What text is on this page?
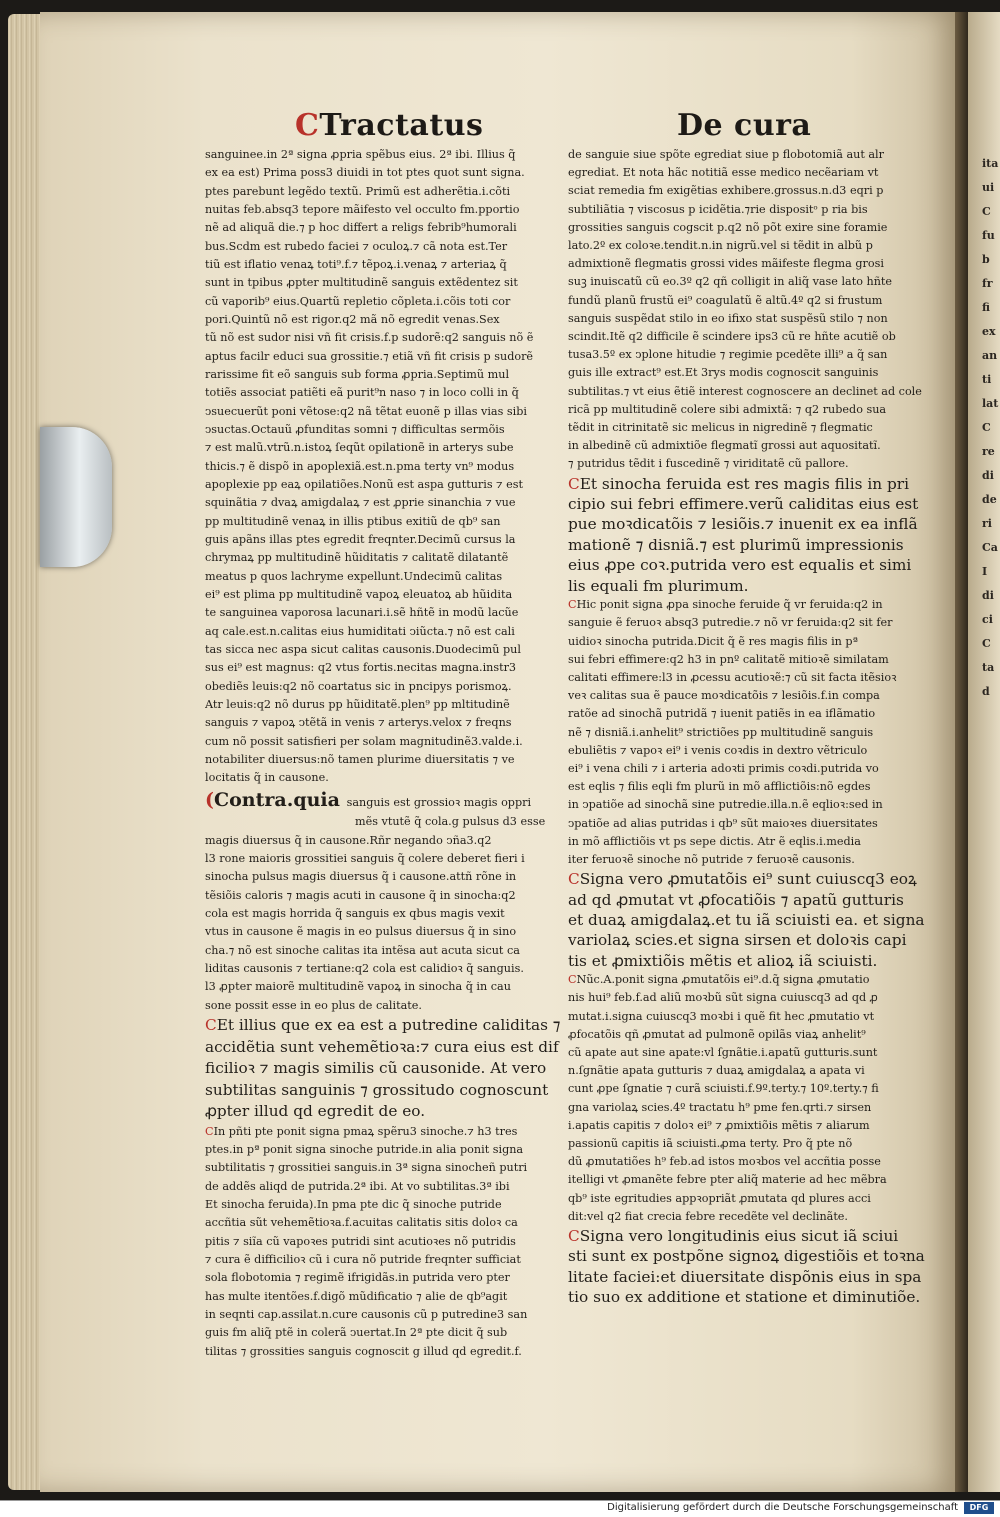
CTractatus	De cura

sanguinee.in 2ª signa ꝓpria spẽbus eius. 2ª ibi. Illius q̃

ex ea est) Prima poss3 diuidi in tot ptes quot sunt signa.

ptes parebunt legẽdo textũ. Primũ est adherẽtia.i.cõti

nuitas feb.absq3 tepore mãifesto vel occulto fm.pportio

nẽ ad aliquã die.⁊ p hoc differt a religs febrib⁹humorali

bus.Scdm est rubedo faciei ⁊ oculoꝝ.⁊ cã nota est.Ter

tiũ est iflatio venaꝝ toti⁹.f.⁊ tẽpoꝝ.i.venaꝝ ⁊ arteriaꝝ q̃

sunt in tpibus ꝓpter multitudinẽ sanguis extẽdentez sit

cũ vaporib⁹ eius.Quartũ repletio cõpleta.i.cõis toti cor

pori.Quintũ nõ est rigor.q2 mã nõ egredit venas.Sex

tũ nõ est sudor nisi vñ fit crisis.f.p sudorẽ:q2 sanguis nõ ẽ

aptus facilr educi sua grossitie.⁊ etiã vñ fit crisis p sudorẽ

rarissime fit eõ sanguis sub forma ꝓpria.Septimũ mul

totiẽs associat patiẽti eã purit⁹n naso ⁊ in loco colli in q̃

ↄsuecuerũt poni vẽtose:q2 nã tẽtat euonẽ p illas vias sibi

ↄsuctas.Octauũ ꝓfunditas somni ⁊ difficultas sermõis

⁊ est malũ.vtrũ.n.istoꝝ ſeqũt opilationẽ in arterys sube

thicis.⁊ ẽ dispõ in apoplexiã.est.n.pma terty vn⁹ modus

apoplexie pp eaꝝ opilatiões.Nonũ est aspa gutturis ⁊ est

squinãtia ⁊ dvaꝝ amigdalaꝝ ⁊ est ꝓprie sinanchia ⁊ vue

pp multitudinẽ venaꝝ in illis ptibus exitiũ de qb⁹ san

guis apãns illas ptes egredit freqnter.Decimũ cursus la

chrymaꝝ pp multitudinẽ hũiditatis ⁊ calitatẽ dilatantẽ

meatus p quos lachryme expellunt.Undecimũ calitas

ei⁹ est plima pp multitudinẽ vapoꝝ eleuatoꝝ ab hũidita

te sanguinea vaporosa lacunari.i.sẽ hñtẽ in modũ lacũe

aq cale.est.n.calitas eius humiditati ↄiũcta.⁊ nõ est cali

tas sicca nec aspa sicut calitas causonis.Duodecimũ pul

sus ei⁹ est magnus: q2 vtus fortis.necitas magna.instr3

obediẽs leuis:q2 nõ coartatus sic in pncipys porismoꝝ.

Atr leuis:q2 nõ durus pp hũiditatẽ.plen⁹ pp mltitudinẽ

sanguis ⁊ vapoꝝ ↄtẽtã in venis ⁊ arterys.velox ⁊ freqns

cum nõ possit satisfieri per solam magnitudinẽ3.valde.i.

notabiliter diuersus:nõ tamen plurime diuersitatis ⁊ ve

locitatis q̃ in causone.

(Contra.quia sanguis est grossioꝛ magis oppri

mẽs vtutẽ q̃ cola.g pulsus d3 esse

magis diuersus q̃ in causone.Rñr negando ↄña3.q2

l3 rone maioris grossitiei sanguis q̃ colere deberet fieri i

sinocha pulsus magis diuersus q̃ i causone.attñ rõne in

tẽsiõis caloris ⁊ magis acuti in causone q̃ in sinocha:q2

cola est magis horrida q̃ sanguis ex qbus magis vexit

vtus in causone ẽ magis in eo pulsus diuersus q̃ in sino

cha.⁊ nõ est sinoche calitas ita intẽsa aut acuta sicut ca

liditas causonis ⁊ tertiane:q2 cola est calidioꝛ q̃ sanguis.

l3 ꝓpter maiorẽ multitudinẽ vapoꝝ in sinocha q̃ in cau

sone possit esse in eo plus de calitate.

CEt illius que ex ea est a putredine caliditas ⁊

accidẽtia sunt vehemẽtioꝛa:⁊ cura eius est dif

ficilioꝛ ⁊ magis similis cũ causonide. At vero

subtilitas sanguinis ⁊ grossitudo cognoscunt

ꝓpter illud qd egredit de eo.

CIn pñti pte ponit signa pmaꝝ spẽru3 sinoche.⁊ h3 tres

ptes.in pª ponit signa sinoche putride.in alia ponit signa

subtilitatis ⁊ grossitiei sanguis.in 3ª signa sinocheñ putri

de addẽs aliqd de putrida.2ª ibi. At vo subtilitas.3ª ibi

Et sinocha feruida).In pma pte dic q̃ sinoche putride

accñtia sũt vehemẽtioꝛa.f.acuitas calitatis sitis doloꝛ ca

pitis ⁊ siĩa cũ vapoꝛes putridi sint acutioꝛes nõ putridis

⁊ cura ẽ difficilioꝛ cũ i cura nõ putride freqnter sufficiat

sola flobotomia ⁊ regimẽ ifrigidãs.in putrida vero pter

has multe itentões.f.digõ mũdificatio ⁊ alie de qb⁹agit

in seqnti cap.assilat.n.cure causonis cũ p putredine3 san

guis fm aliq̃ ptẽ in colerã ↄuertat.In 2ª pte dicit q̃ sub

tilitas ⁊ grossities sanguis cognoscit g illud qd egredit.f.

de sanguie siue spõte egrediat siue p flobotomiã aut alr

egrediat. Et nota hãc notitiã esse medico necẽariam vt

sciat remedia fm exigẽtias exhibere.grossus.n.d3 eqri p

subtiliãtia ⁊ viscosus p icidẽtia.⁊rie dispositᵒ p ria bis

grossities sanguis cogscit p.q2 nõ põt exire sine foramie

lato.2º ex coloꝛe.tendit.n.in nigrũ.vel si tẽdit in albũ p

admixtionẽ flegmatis grossi vides mãifeste flegma grosi

suꝫ inuiscatũ cũ eo.3º q2 qñ colligit in aliq̃ vase lato hñte

fundũ planũ frustũ ei⁹ coagulatũ ẽ altũ.4º q2 si frustum

sanguis suspẽdat stilo in eo ifixo stat suspẽsũ stilo ⁊ non

scindit.Itẽ q2 difficile ẽ scindere ips3 cũ re hñte acutiẽ ob

tusa3.5º ex ↄplone hitudie ⁊ regimie pcedẽte illi⁹ a q̃ san

guis ille extract⁹ est.Et 3rys modis cognoscit sanguinis

subtilitas.⁊ vt eius ẽtiẽ interest cognoscere an declinet ad cole

ricã pp multitudinẽ colere sibi admixtã: ⁊ q2 rubedo sua

tẽdit in citrinitatẽ sic melicus in nigredinẽ ⁊ flegmatic

in albedinẽ cũ admixtiõe flegmatĩ grossi aut aquositatĩ.

⁊ putridus tẽdit i fuscedinẽ ⁊ viriditatẽ cũ pallore.

CEt sinocha feruida est res magis filis in pri

cipio sui febri effimere.verũ caliditas eius est

pue moꝛdicatõis ⁊ lesiõis.⁊ inuenit ex ea inflã

mationẽ ⁊ disniã.⁊ est plurimũ impressionis

eius ꝓpe coꝛ.putrida vero est equalis et simi

lis equali fm plurimum.

CHic ponit signa ꝓpa sinoche feruide q̃ vr feruida:q2 in

sanguie ẽ feruoꝛ absq3 putredie.⁊ nõ vr feruida:q2 sit fer

uidioꝛ sinocha putrida.Dicit q̃ ẽ res magis filis in pª

sui febri effimere:q2 h3 in pnº calitatẽ mitioꝛẽ similatam

calitati effimere:l3 in ꝓcessu acutioꝛẽ:⁊ cũ sit facta itẽsioꝛ

veꝛ calitas sua ẽ pauce moꝛdicatõis ⁊ lesiõis.f.in compa

ratõe ad sinochã putridã ⁊ iuenit patiẽs in ea iflãmatio

nẽ ⁊ disniã.i.anhelit⁹ strictiões pp multitudinẽ sanguis

ebuliẽtis ⁊ vapoꝛ ei⁹ i venis coꝛdis in dextro vẽtriculo

ei⁹ i vena chili ⁊ i arteria adoꝛti primis coꝛdi.putrida vo

est eqlis ⁊ filis eqli fm plurũ in mõ afflictiõis:nõ egdes

in ↄpatiõe ad sinochã sine putredie.illa.n.ẽ eqlioꝛ:sed in

ↄpatiõe ad alias putridas i qb⁹ sũt maioꝛes diuersitates

in mõ afflictiõis vt ps sepe dictis. Atr ẽ eqlis.i.media

iter feruoꝛẽ sinoche nõ putride ⁊ feruoꝛẽ causonis.

CSigna vero ꝓmutatõis ei⁹ sunt cuiuscq3 eoꝝ

ad qd ꝓmutat vt ꝓfocatiõis ⁊ apatũ gutturis

et duaꝝ amigdalaꝝ.et tu iã sciuisti ea. et signa

variolaꝝ scies.et signa sirsen et doloꝛis capi

tis et ꝓmixtiõis mẽtis et alioꝝ iã sciuisti.

CNũc.A.ponit signa ꝓmutatõis ei⁹.d.q̃ signa ꝓmutatio

nis hui⁹ feb.f.ad aliũ moꝛbũ sũt signa cuiuscq3 ad qd ꝓ

mutat.i.signa cuiuscq3 moꝛbi i quẽ fit hec ꝓmutatio vt

ꝓfocatõis qñ ꝓmutat ad pulmonẽ opilãs viaꝝ anhelit⁹

cũ apate aut sine apate:vl ſgnãtie.i.apatũ gutturis.sunt

n.ſgnãtie apata gutturis ⁊ duaꝝ amigdalaꝝ a apata vi

cunt ꝓpe ſgnatie ⁊ curã sciuisti.f.9º.terty.⁊ 10º.terty.⁊ fi

gna variolaꝝ scies.4º tractatu h⁹ pme fen.qrti.⁊ sirsen

i.apatis capitis ⁊ doloꝛ ei⁹ ⁊ ꝓmixtiõis mẽtis ⁊ aliarum

passionũ capitis iã sciuisti.ꝓma terty. Pro q̃ pte nõ

dũ ꝓmutatiões h⁹ feb.ad istos moꝛbos vel accñtia posse

itelligi vt ꝓmanẽte febre pter aliq̃ materie ad hec mẽbra

qb⁹ iste egritudies appꝛopriãt ꝓmutata qd plures acci

dit:vel q2 fiat crecia febre recedẽte vel declinãte.

CSigna vero longitudinis eius sicut iã sciui

sti sunt ex postpõne signoꝝ digestiõis et toꝛna

litate faciei:et diuersitate dispõnis eius in spa

tio suo ex additione et statione et diminutiõe.

ita
ui
C
fu
b
fr
fi
ex
an
ti
lat
C
re
di
de
ri
Ca
I
di
ci
C
ta
d
Digitalisierung gefördert durch die Deutsche Forschungsgemeinschaft	DFG
